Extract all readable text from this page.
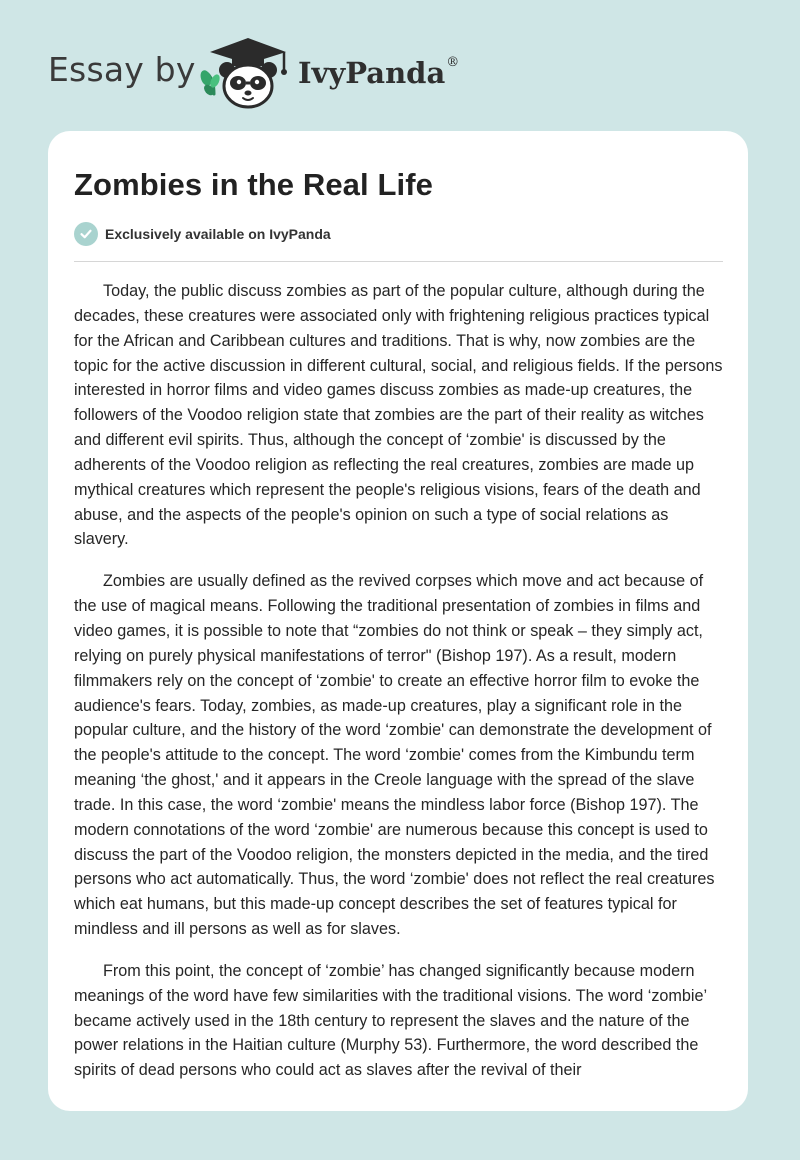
Essay by	IvyPanda®
Zombies in the Real Life
Exclusively available on IvyPanda

Today, the public discuss zombies as part of the popular culture, although during the decades, these creatures were associated only with frightening religious practices typical for the African and Caribbean cultures and traditions. That is why, now zombies are the topic for the active discussion in different cultural, social, and religious fields. If the persons interested in horror films and video games discuss zombies as made-up creatures, the followers of the Voodoo religion state that zombies are the part of their reality as witches and different evil spirits. Thus, although the concept of ‘zombie' is discussed by the adherents of the Voodoo religion as reflecting the real creatures, zombies are made up mythical creatures which represent the people's religious visions, fears of the death and abuse, and the aspects of the people's opinion on such a type of social relations as slavery.

Zombies are usually defined as the revived corpses which move and act because of the use of magical means. Following the traditional presentation of zombies in films and video games, it is possible to note that “zombies do not think or speak – they simply act, relying on purely physical manifestations of terror" (Bishop 197). As a result, modern filmmakers rely on the concept of ‘zombie' to create an effective horror film to evoke the audience's fears. Today, zombies, as made-up creatures, play a significant role in the popular culture, and the history of the word ‘zombie' can demonstrate the development of the people's attitude to the concept. The word ‘zombie' comes from the Kimbundu term meaning ‘the ghost,' and it appears in the Creole language with the spread of the slave trade. In this case, the word ‘zombie' means the mindless labor force (Bishop 197). The modern connotations of the word ‘zombie' are numerous because this concept is used to discuss the part of the Voodoo religion, the monsters depicted in the media, and the tired persons who act automatically. Thus, the word ‘zombie' does not reflect the real creatures which eat humans, but this made-up concept describes the set of features typical for mindless and ill persons as well as for slaves.

From this point, the concept of ‘zombie’ has changed significantly because modern meanings of the word have few similarities with the traditional visions. The word ‘zombie’ became actively used in the 18th century to represent the slaves and the nature of the power relations in the Haitian culture (Murphy 53). Furthermore, the word described the spirits of dead persons who could act as slaves after the revival of their
